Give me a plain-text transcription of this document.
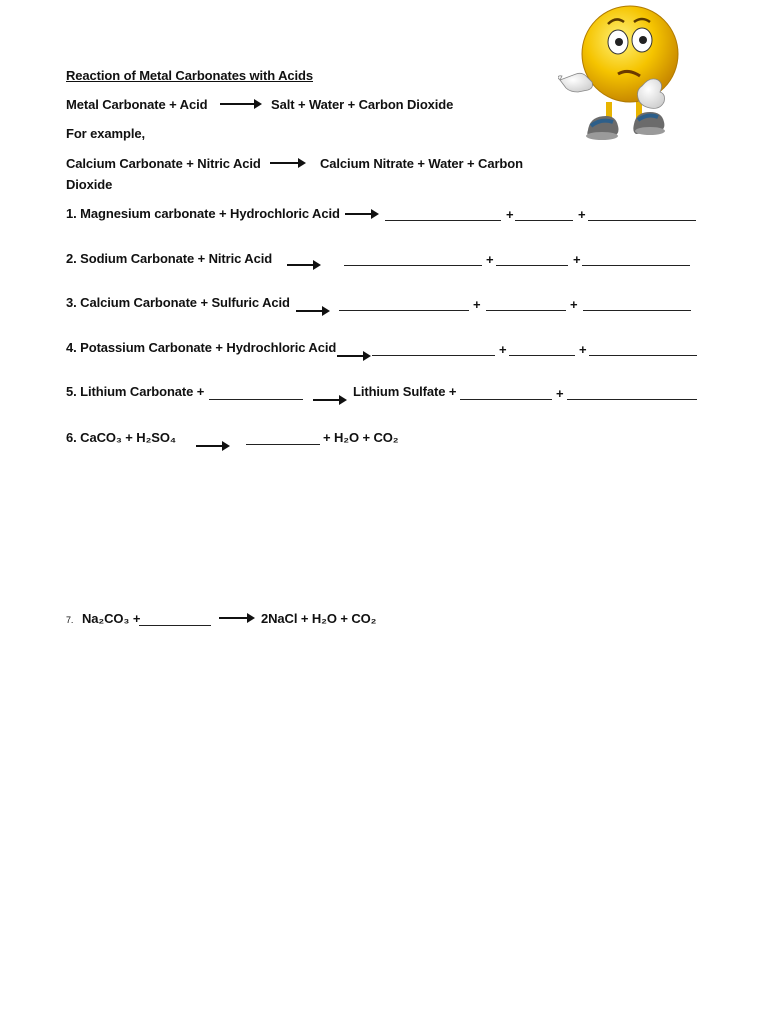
Reaction of Metal Carbonates with Acids
Metal Carbonate + Acid	Salt + Water + Carbon Dioxide
For example,
Calcium Carbonate + Nitric Acid	Calcium Nitrate + Water + Carbon
Dioxide
1. Magnesium carbonate + Hydrochloric Acid	+	+
2. Sodium Carbonate + Nitric Acid	+	+
3. Calcium Carbonate + Sulfuric Acid	+	+
4. Potassium Carbonate + Hydrochloric Acid	+	+
5. Lithium Carbonate +	Lithium Sulfate +	+
6. CaCO₃ + H₂SO₄	+ H₂O + CO₂
7. Na₂CO₃ +	2NaCl + H₂O + CO₂
